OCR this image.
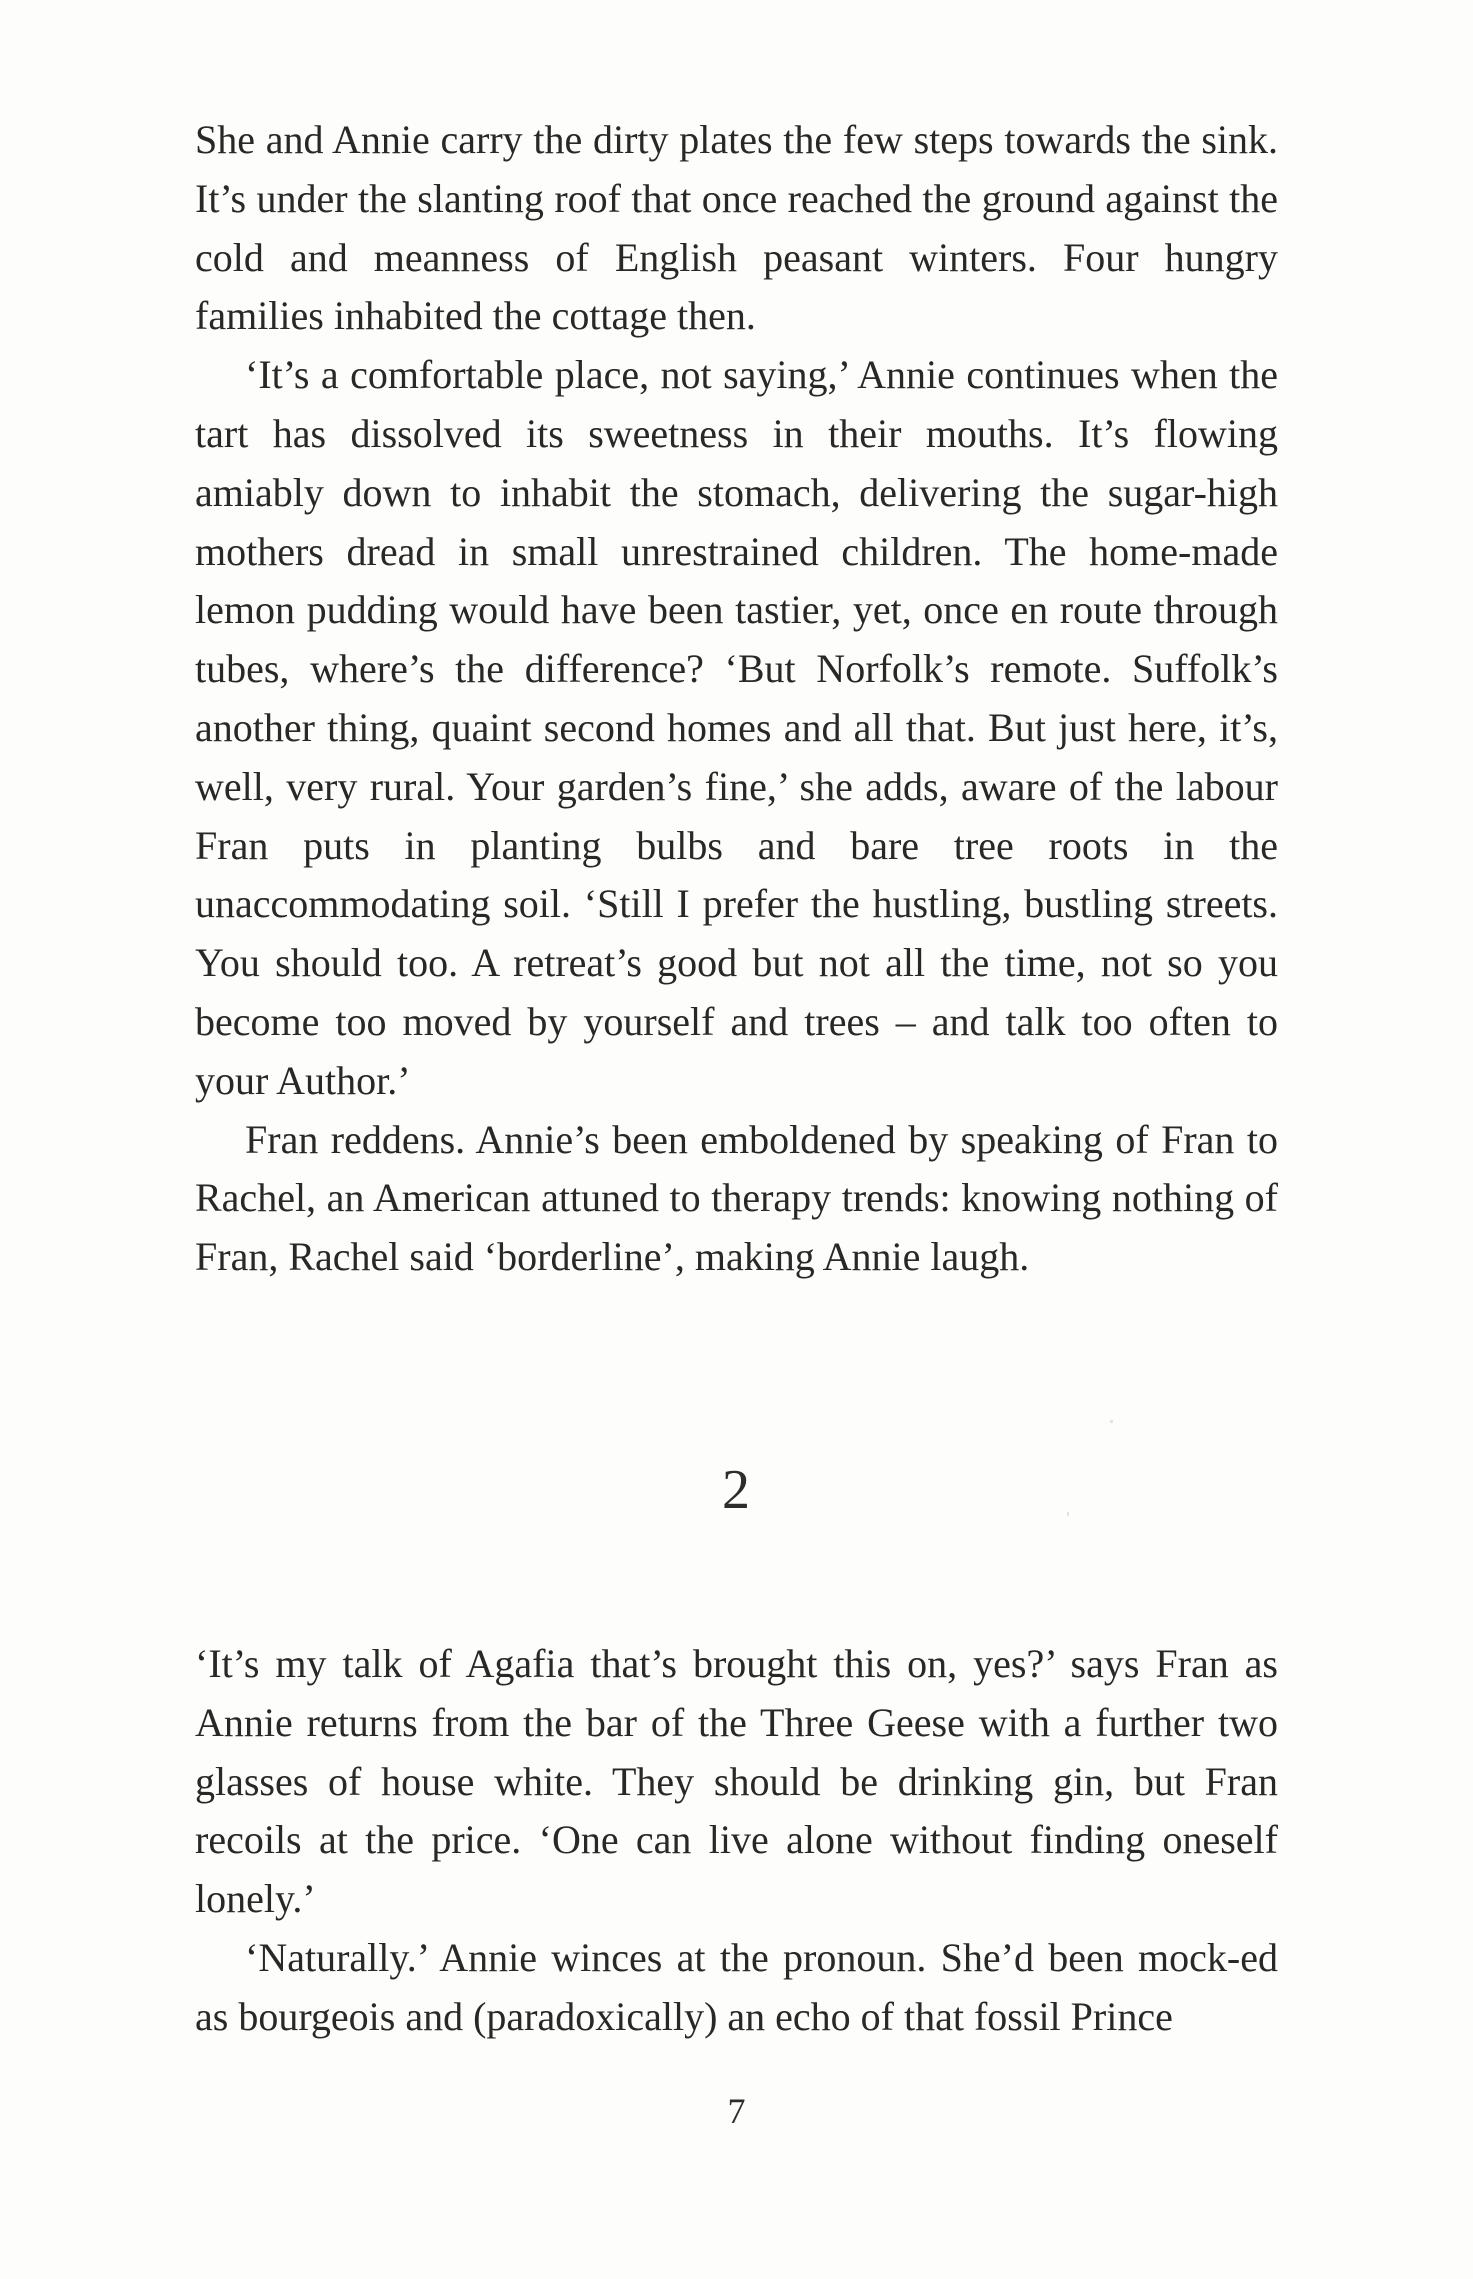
She and Annie carry the dirty plates the few steps towards the sink. It’s under the slanting roof that once reached the ground against the cold and meanness of English peasant winters. Four hungry families inhabited the cottage then.

‘It’s a comfortable place, not saying,’ Annie continues when the tart has dissolved its sweetness in their mouths. It’s flowing amiably down to inhabit the stomach, delivering the sugar-high mothers dread in small unrestrained children. The home-made lemon pudding would have been tastier, yet, once en route through tubes, where’s the difference? ‘But Norfolk’s remote. Suffolk’s another thing, quaint second homes and all that. But just here, it’s, well, very rural. Your garden’s fine,’ she adds, aware of the labour Fran puts in planting bulbs and bare tree roots in the unaccommodating soil. ‘Still I prefer the hustling, bustling streets. You should too. A retreat’s good but not all the time, not so you become too moved by yourself and trees – and talk too often to your Author.’

Fran reddens. Annie’s been emboldened by speaking of Fran to Rachel, an American attuned to therapy trends: knowing nothing of Fran, Rachel said ‘borderline’, making Annie laugh.

2

‘It’s my talk of Agafia that’s brought this on, yes?’ says Fran as Annie returns from the bar of the Three Geese with a further two glasses of house white. They should be drinking gin, but Fran recoils at the price. ‘One can live alone without finding oneself lonely.’

‘Naturally.’ Annie winces at the pronoun. She’d been mock-ed as bourgeois and (paradoxically) an echo of that fossil Prince

7
